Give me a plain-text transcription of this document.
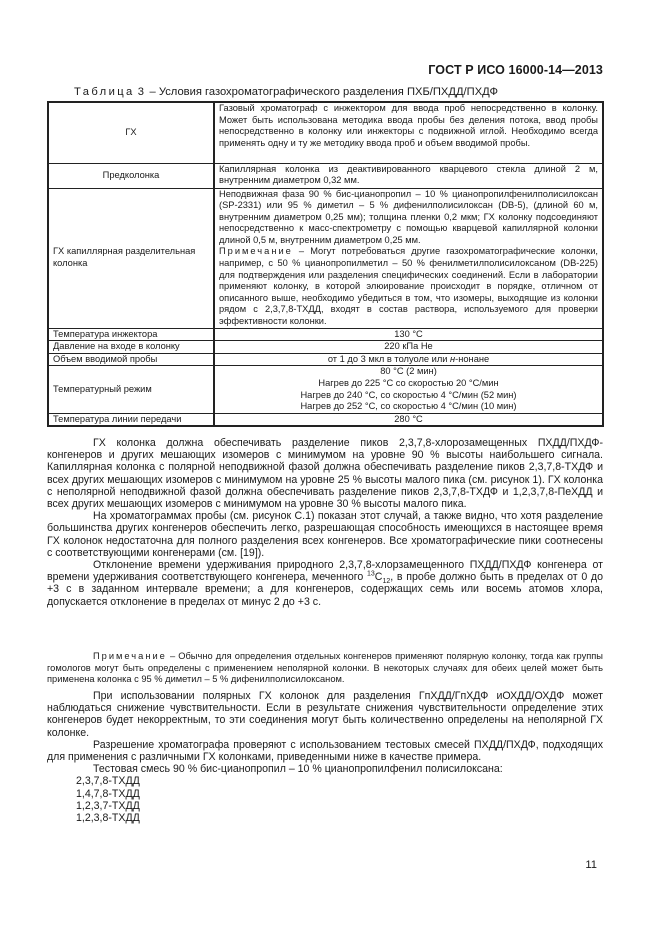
ГОСТ Р ИСО 16000-14—2013
Таблица 3 – Условия газохроматографического разделения ПХБ/ПХДД/ПХДФ
ГХ	Газовый хроматограф с инжектором для ввода проб непосредственно в колонку. Может быть использована методика ввода пробы без деления потока, ввод пробы непосредственно в колонку или инжекторы с подвижной иглой. Необходимо всегда применять одну и ту же методику ввода проб и объем вводимой пробы.
Предколонка	Капиллярная колонка из деактивированного кварцевого стекла длиной 2 м, внутренним диаметром 0,32 мм.
ГХ капиллярная разделительная колонка	Неподвижная фаза 90 % бис-цианопропил – 10 % цианопропилфенилполисилоксан (SP-2331) или 95 % диметил – 5 % дифенилполисилоксан (DB-5), (длиной 60 м, внутренним диаметром 0,25 мм); толщина пленки 0,2 мкм; ГХ колонку подсоединяют непосредственно к масс-спектрометру с помощью кварцевой капиллярной колонки длиной 0,5 м, внутренним диаметром 0,25 мм.
Примечание – Могут потребоваться другие газохроматографические колонки, например, с 50 % цианопропилметил – 50 % фенилметилполисилоксаном (DB-225) для подтверждения или разделения специфических соединений. Если в лаборатории применяют колонку, в которой элюирование происходит в порядке, отличном от описанного выше, необходимо убедиться в том, что изомеры, выходящие из колонки рядом с 2,3,7,8-ТХДД, входят в состав раствора, используемого для проверки эффективности колонки.

Температура инжектора	130 °С
Давление на входе в колонку	220 кПа Не
Объем вводимой пробы	от 1 до 3 мкл в толуоле или н-нонане
Температурный режим	80 °С (2 мин)
Нагрев до 225 °С со скоростью 20 °С/мин
Нагрев до 240 °С, со скоростью 4 °С/мин (52 мин)
Нагрев до 252 °С, со скоростью 4 °С/мин (10 мин)

Температура линии передачи	280 °С

ГХ колонка должна обеспечивать разделение пиков 2,3,7,8-хлорозамещенных ПХДД/ПХДФ-конгенеров и других мешающих изомеров с минимумом на уровне 90 % высоты наибольшего сигнала. Капиллярная колонка с полярной неподвижной фазой должна обеспечивать разделение пиков 2,3,7,8-ТХДФ и всех других мешающих изомеров с минимумом на уровне 25 % высоты малого пика (см. рисунок 1). ГХ колонка с неполярной неподвижной фазой должна обеспечивать разделение пиков 2,3,7,8-ТХДФ и 1,2,3,7,8-ПеХДД и всех других мешающих изомеров с минимумом на уровне 30 % высоты малого пика.

На хроматограммах пробы (см. рисунок С.1) показан этот случай, а также видно, что хотя разделение большинства других конгенеров обеспечить легко, разрешающая способность имеющихся в настоящее время ГХ колонок недостаточна для полного разделения всех конгенеров. Все хроматографические пики соотнесены с соответствующими конгенерами (см. [19]).

Отклонение времени удерживания природного 2,3,7,8-хлорзамещенного ПХДД/ПХДФ конгенера от времени удерживания соответствующего конгенера, меченного $^{13}С_{12}$, в пробе должно быть в пределах от 0 до +3 с в заданном интервале времени; а для конгенеров, содержащих семь или восемь атомов хлора, допускается отклонение в пределах от минус 2 до +3 с.

Примечание – Обычно для определения отдельных конгенеров применяют полярную колонку, тогда как группы гомологов могут быть определены с применением неполярной колонки. В некоторых случаях для обеих целей может быть применена колонка с 95 % диметил – 5 % дифенилполисилоксаном.

При использовании полярных ГХ колонок для разделения ГпХДД/ГпХДФ иОХДД/ОХДФ может наблюдаться снижение чувствительности. Если в результате снижения чувствительности определение этих конгенеров будет некорректным, то эти соединения могут быть количественно определены на неполярной ГХ колонке.

Разрешение хроматографа проверяют с использованием тестовых смесей ПХДД/ПХДФ, подходящих для применения с различными ГХ колонками, приведенными ниже в качестве примера.

Тестовая смесь 90 % бис-цианопропил – 10 % цианопропилфенил полисилоксана:

2,3,7,8-ТХДД
1,4,7,8-ТХДД
1,2,3,7-ТХДД
1,2,3,8-ТХДД
11
